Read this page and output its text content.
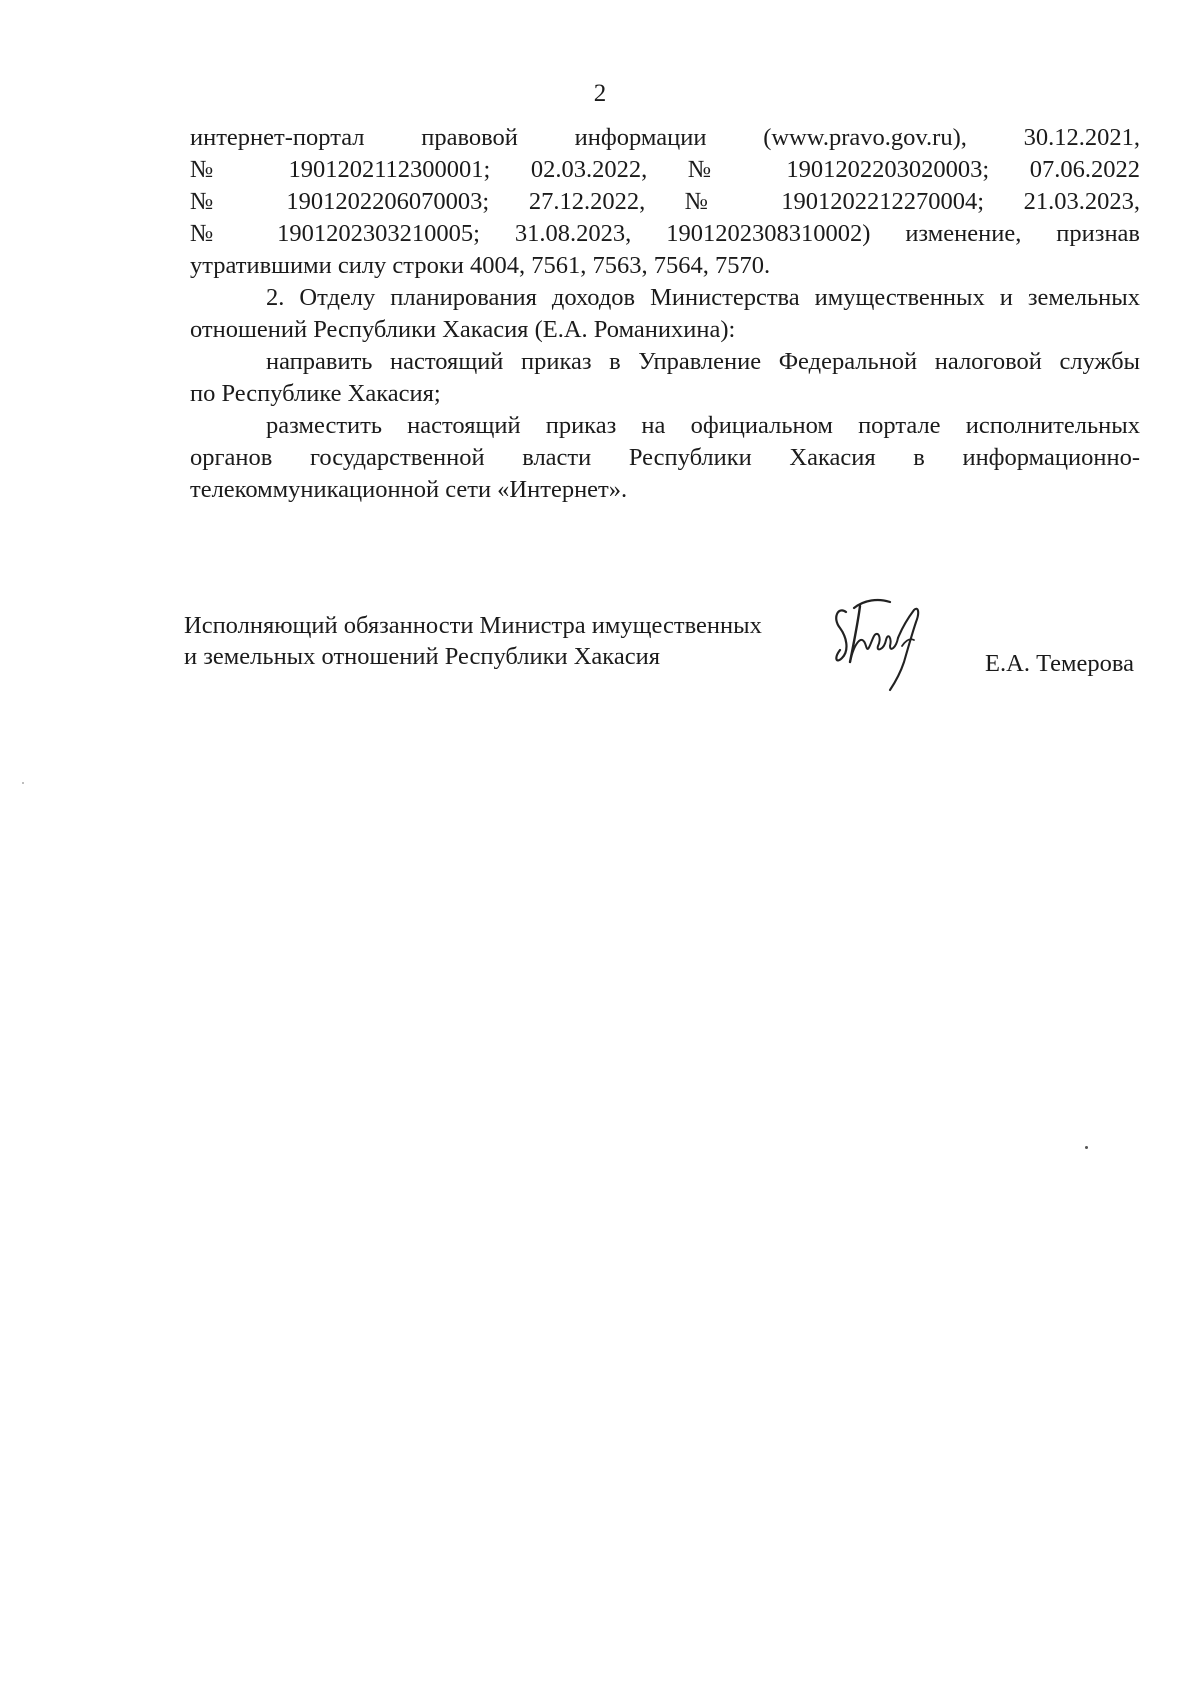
2
интернет-портал правовой информации (www.pravo.gov.ru), 30.12.2021,
№ 1901202112300001; 02.03.2022, № 1901202203020003; 07.06.2022
№ 1901202206070003; 27.12.2022, № 1901202212270004; 21.03.2023,
№ 1901202303210005; 31.08.2023, 1901202308310002) изменение, признав
утратившими силу строки 4004, 7561, 7563, 7564, 7570.
2. Отделу планирования доходов Министерства имущественных и земельных
отношений Республики Хакасия (Е.А. Романихина):
направить настоящий приказ в Управление Федеральной налоговой службы
по Республике Хакасия;
разместить настоящий приказ на официальном портале исполнительных
органов государственной власти Республики Хакасия в информационно-
телекоммуникационной сети «Интернет».
Исполняющий обязанности Министра имущественных
и земельных отношений Республики Хакасия	Е.А. Темерова
